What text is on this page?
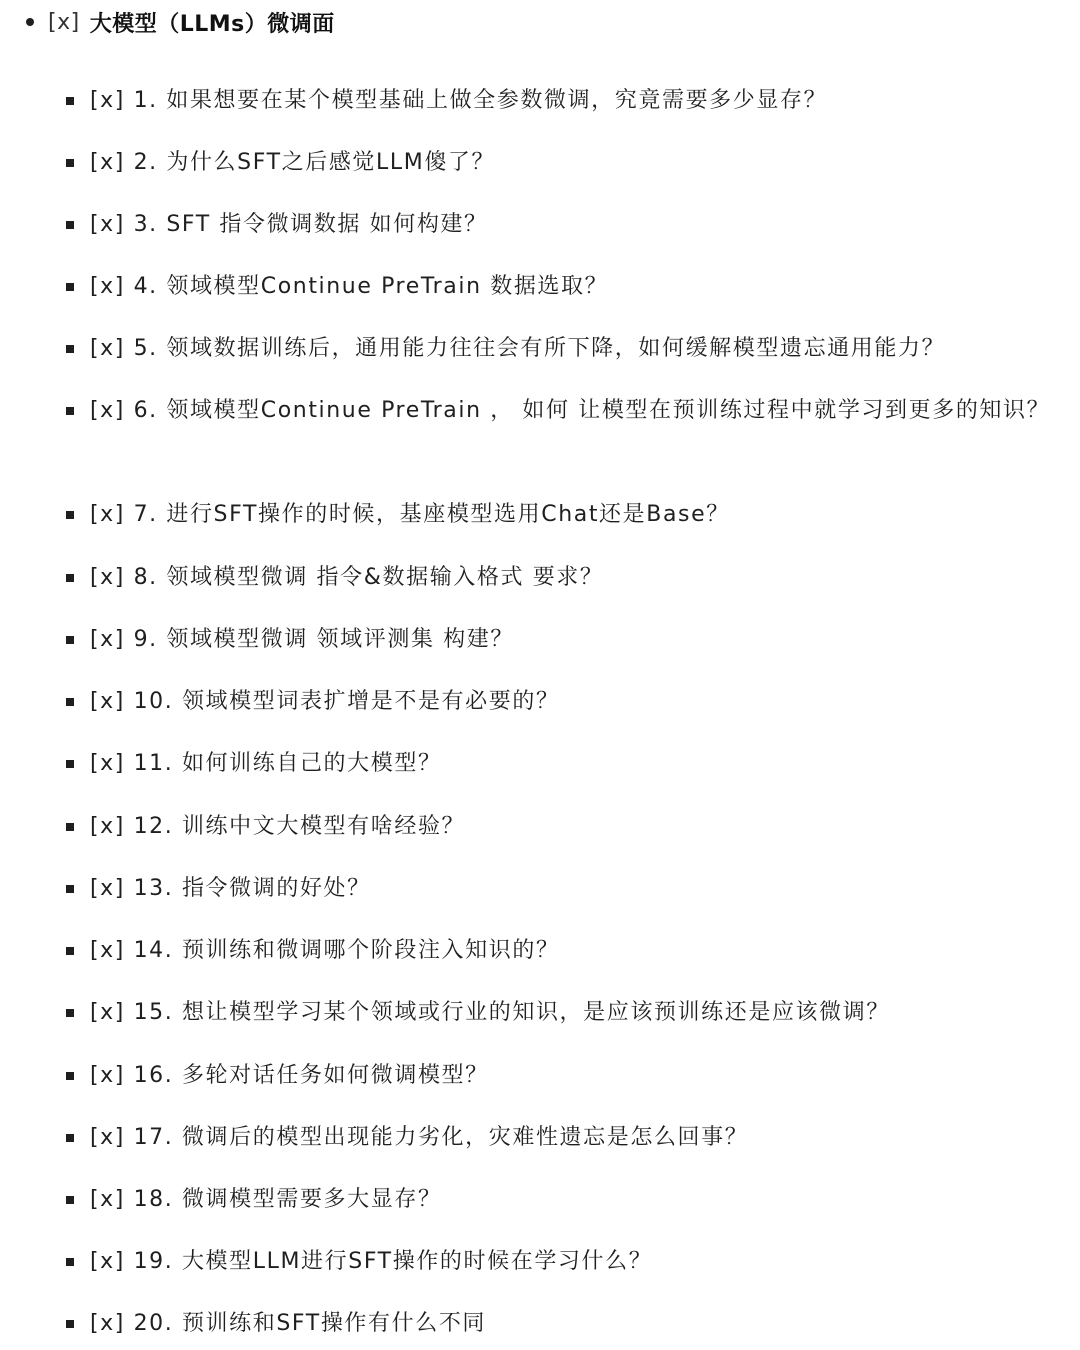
[x] 大模型（LLMs）微调面
[x] 1. 如果想要在某个模型基础上做全参数微调，究竟需要多少显存？
[x] 2. 为什么SFT之后感觉LLM傻了？
[x] 3. SFT 指令微调数据 如何构建？
[x] 4. 领域模型Continue PreTrain 数据选取？
[x] 5. 领域数据训练后，通用能力往往会有所下降，如何缓解模型遗忘通用能力？
[x] 6. 领域模型Continue PreTrain ， 如何 让模型在预训练过程中就学习到更多的知识？
[x] 7. 进行SFT操作的时候，基座模型选用Chat还是Base？
[x] 8. 领域模型微调 指令&数据输入格式 要求？
[x] 9. 领域模型微调 领域评测集 构建？
[x] 10. 领域模型词表扩增是不是有必要的？
[x] 11. 如何训练自己的大模型？
[x] 12. 训练中文大模型有啥经验？
[x] 13. 指令微调的好处？
[x] 14. 预训练和微调哪个阶段注入知识的？
[x] 15. 想让模型学习某个领域或行业的知识，是应该预训练还是应该微调？
[x] 16. 多轮对话任务如何微调模型？
[x] 17. 微调后的模型出现能力劣化，灾难性遗忘是怎么回事？
[x] 18. 微调模型需要多大显存？
[x] 19. 大模型LLM进行SFT操作的时候在学习什么？
[x] 20. 预训练和SFT操作有什么不同
